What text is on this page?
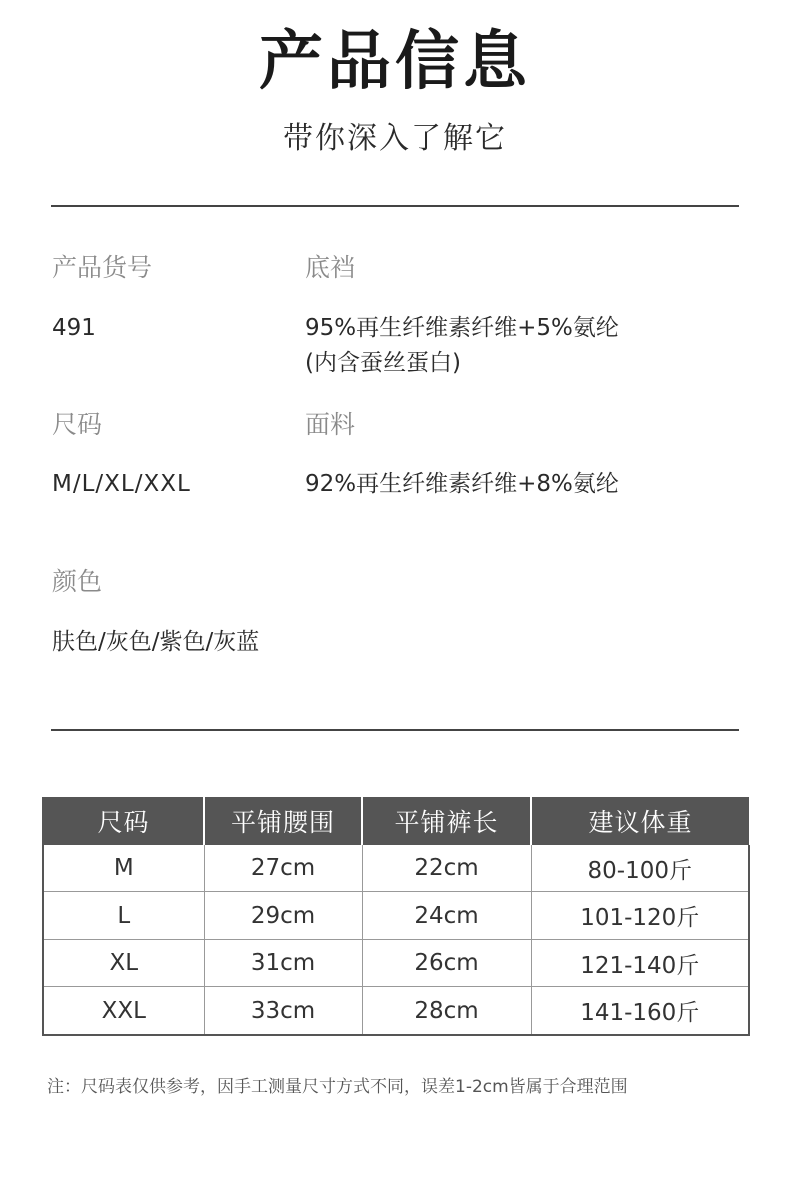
产品信息
带你深入了解它
产品货号	底裆
491	95%再生纤维素纤维+5%氨纶
(内含蚕丝蛋白)
尺码	面料
M/L/XL/XXL	92%再生纤维素纤维+8%氨纶
颜色
肤色/灰色/紫色/灰蓝
尺码	平铺腰围	平铺裤长	建议体重
M	27cm	22cm	80-100斤
L	29cm	24cm	101-120斤
XL	31cm	26cm	121-140斤
XXL	33cm	28cm	141-160斤
注：尺码表仅供参考，因手工测量尺寸方式不同，误差1-2cm皆属于合理范围
